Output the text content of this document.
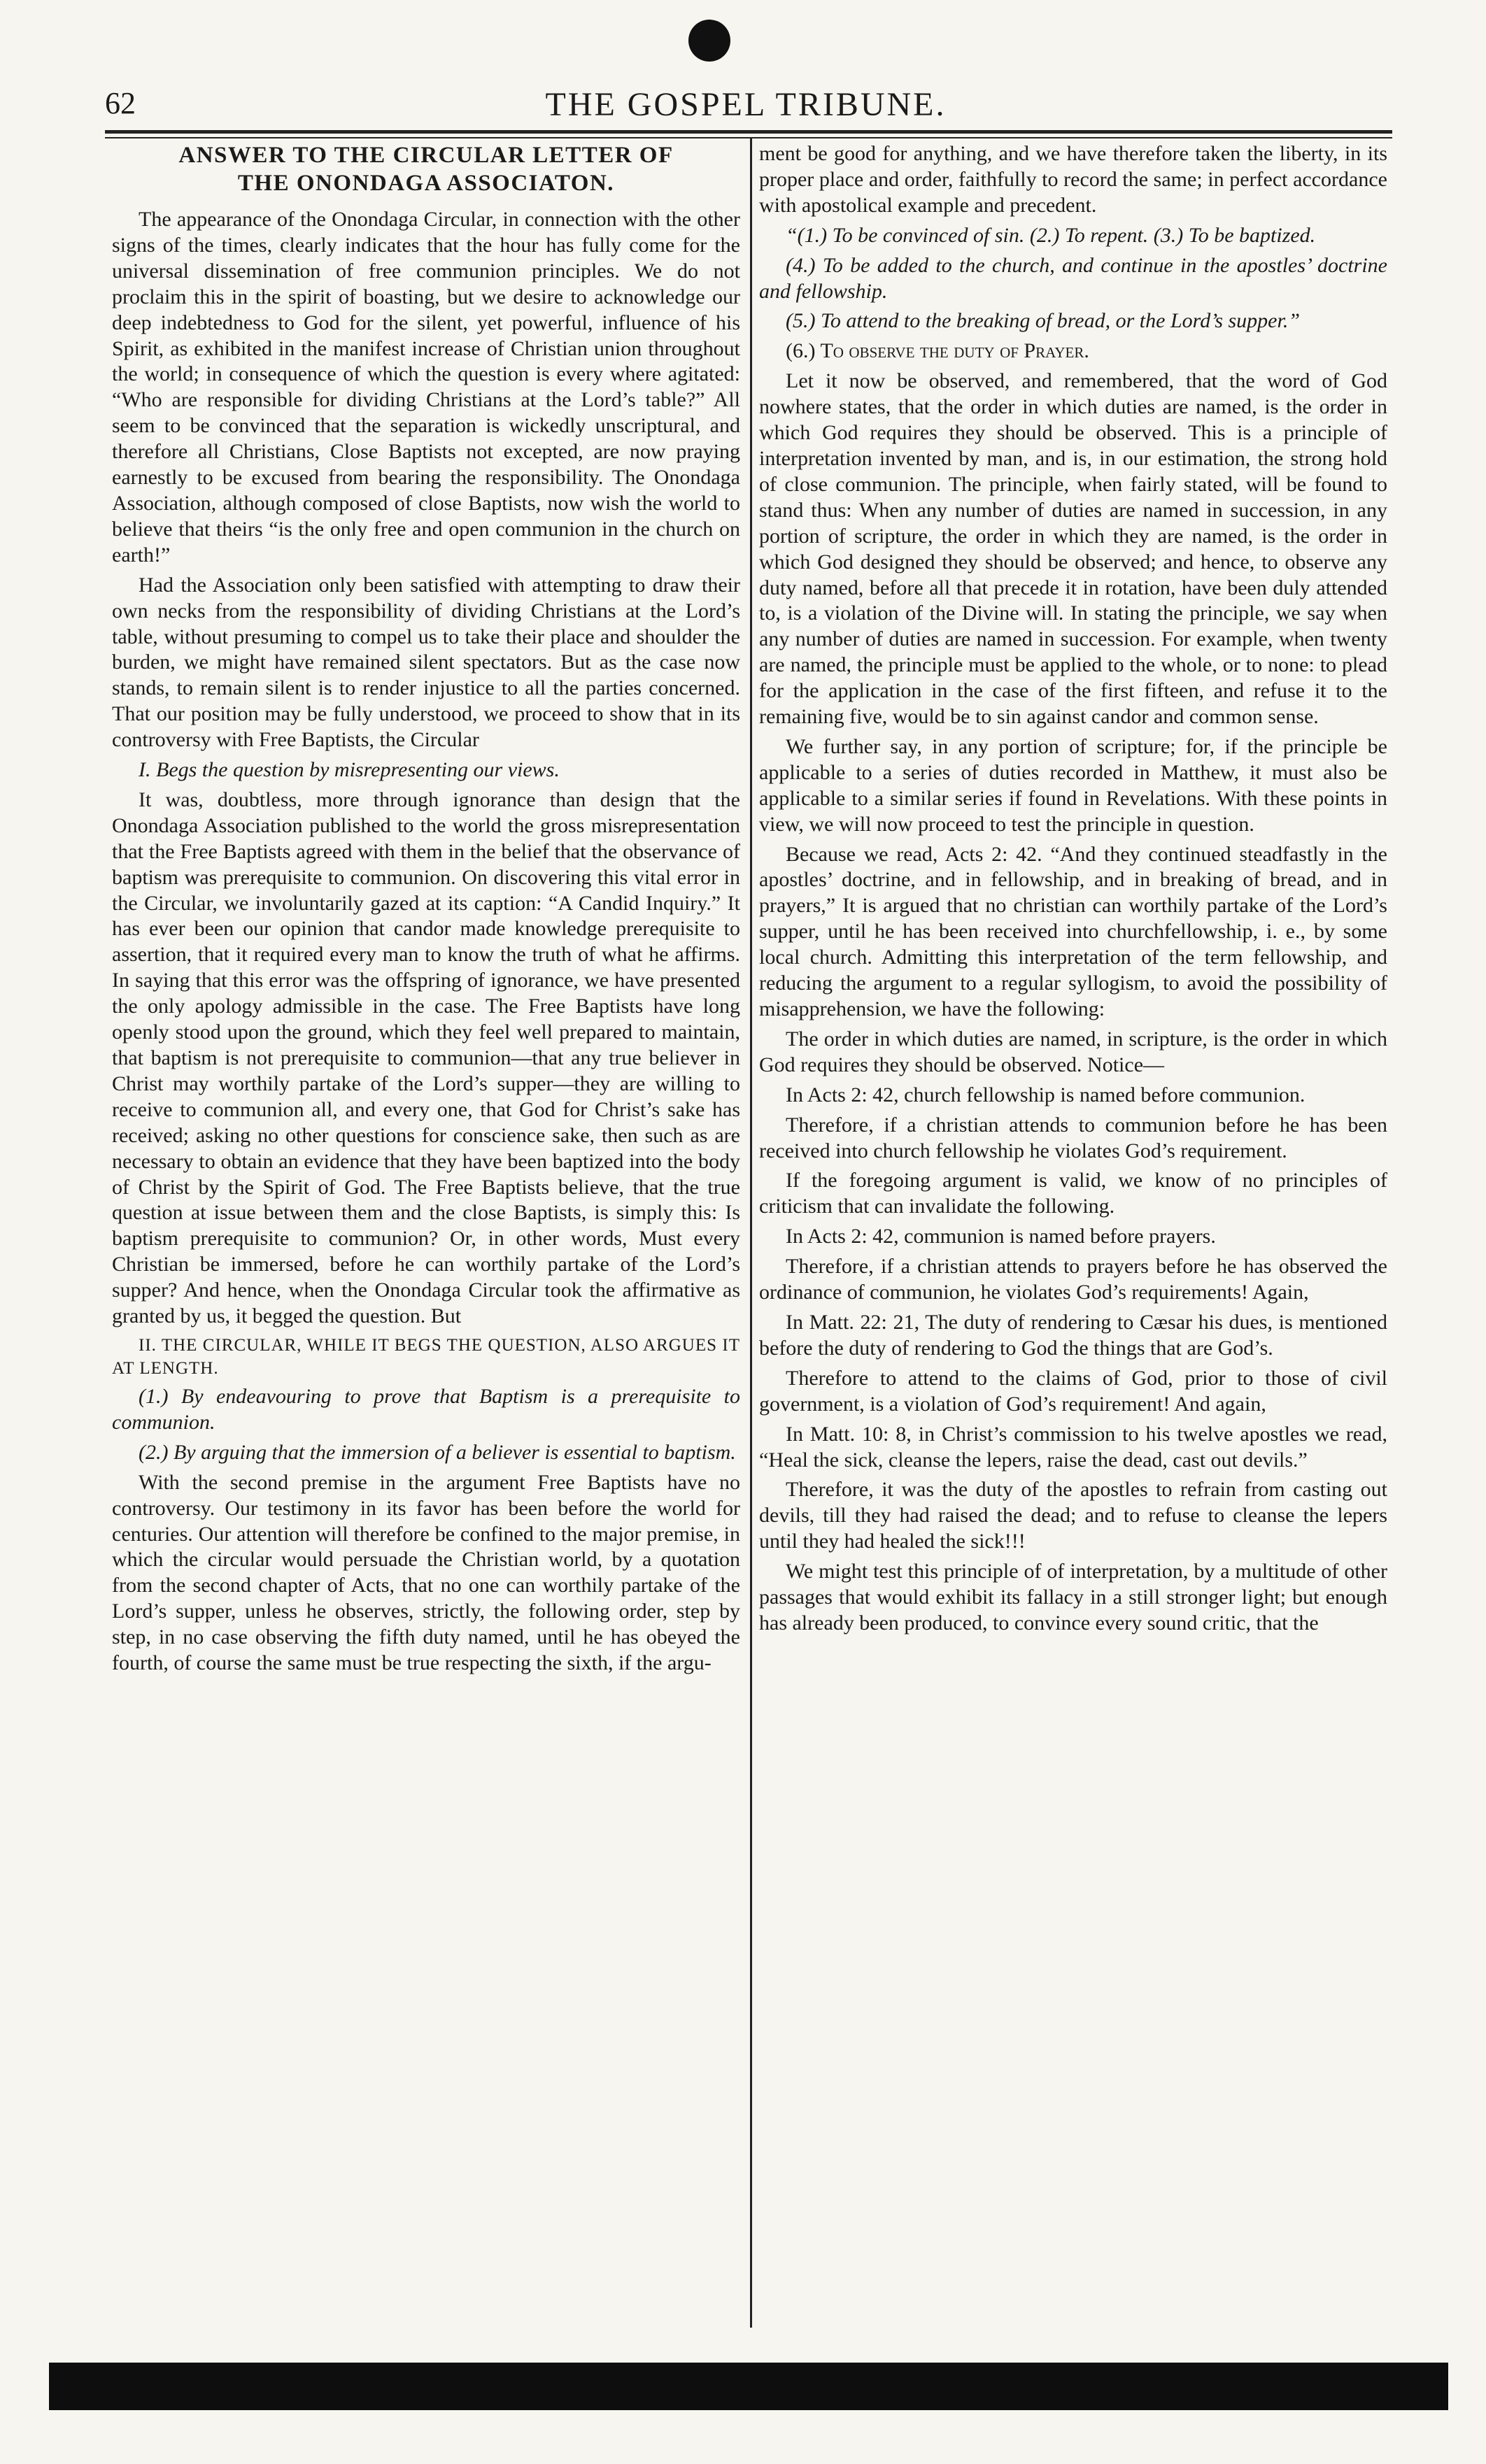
62	THE GOSPEL TRIBUNE.
ANSWER TO THE CIRCULAR LETTER OF
THE ONONDAGA ASSOCIATON.

The appearance of the Onondaga Circular, in connection with the other signs of the times, clearly indicates that the hour has fully come for the universal dissemination of free communion principles. We do not proclaim this in the spirit of boasting, but we desire to acknowledge our deep indebtedness to God for the silent, yet powerful, influence of his Spirit, as exhibited in the manifest increase of Christian union throughout the world; in consequence of which the question is every where agitated: “Who are responsible for dividing Christians at the Lord’s table?” All seem to be convinced that the separation is wickedly unscriptural, and therefore all Christians, Close Baptists not excepted, are now praying earnestly to be excused from bearing the responsibility. The Onondaga Association, although composed of close Baptists, now wish the world to believe that theirs “is the only free and open communion in the church on earth!”

Had the Association only been satisfied with attempting to draw their own necks from the responsibility of dividing Christians at the Lord’s table, without presuming to compel us to take their place and shoulder the burden, we might have remained silent spectators. But as the case now stands, to remain silent is to render injustice to all the parties concerned. That our position may be fully understood, we proceed to show that in its controversy with Free Baptists, the Circular

I. Begs the question by misrepresenting our views.

It was, doubtless, more through ignorance than design that the Onondaga Association published to the world the gross misrepresentation that the Free Baptists agreed with them in the belief that the observance of baptism was prerequisite to communion. On discovering this vital error in the Circular, we involuntarily gazed at its caption: “A Candid Inquiry.” It has ever been our opinion that candor made knowledge prerequisite to assertion, that it required every man to know the truth of what he affirms. In saying that this error was the offspring of ignorance, we have presented the only apology admissible in the case. The Free Baptists have long openly stood upon the ground, which they feel well prepared to maintain, that baptism is not prerequisite to communion—that any true believer in Christ may worthily partake of the Lord’s supper—they are willing to receive to communion all, and every one, that God for Christ’s sake has received; asking no other questions for conscience sake, then such as are necessary to obtain an evidence that they have been baptized into the body of Christ by the Spirit of God. The Free Baptists believe, that the true question at issue between them and the close Baptists, is simply this: Is baptism prerequisite to communion? Or, in other words, Must every Christian be immersed, before he can worthily partake of the Lord’s supper? And hence, when the Onondaga Circular took the affirmative as granted by us, it begged the question. But

II. THE CIRCULAR, WHILE IT BEGS THE QUESTION, ALSO ARGUES IT AT LENGTH.

(1.) By endeavouring to prove that Baptism is a prerequisite to communion.

(2.) By arguing that the immersion of a believer is essential to baptism.

With the second premise in the argument Free Baptists have no controversy. Our testimony in its favor has been before the world for centuries. Our attention will therefore be confined to the major premise, in which the circular would persuade the Christian world, by a quotation from the second chapter of Acts, that no one can worthily partake of the Lord’s supper, unless he observes, strictly, the following order, step by step, in no case observing the fifth duty named, until he has obeyed the fourth, of course the same must be true respecting the sixth, if the argu-

ment be good for anything, and we have therefore taken the liberty, in its proper place and order, faithfully to record the same; in perfect accordance with apostolical example and precedent.

“(1.) To be convinced of sin. (2.) To repent. (3.) To be baptized.

(4.) To be added to the church, and continue in the apostles’ doctrine and fellowship.

(5.) To attend to the breaking of bread, or the Lord’s supper.”

(6.) To observe the duty of Prayer.

Let it now be observed, and remembered, that the word of God nowhere states, that the order in which duties are named, is the order in which God requires they should be observed. This is a principle of interpretation invented by man, and is, in our estimation, the strong hold of close communion. The principle, when fairly stated, will be found to stand thus: When any number of duties are named in succession, in any portion of scripture, the order in which they are named, is the order in which God designed they should be observed; and hence, to observe any duty named, before all that precede it in rotation, have been duly attended to, is a violation of the Divine will. In stating the principle, we say when any number of duties are named in succession. For example, when twenty are named, the principle must be applied to the whole, or to none: to plead for the application in the case of the first fifteen, and refuse it to the remaining five, would be to sin against candor and common sense.

We further say, in any portion of scripture; for, if the principle be applicable to a series of duties recorded in Matthew, it must also be applicable to a similar series if found in Revelations. With these points in view, we will now proceed to test the principle in question.

Because we read, Acts 2: 42. “And they continued steadfastly in the apostles’ doctrine, and in fellowship, and in breaking of bread, and in prayers,” It is argued that no christian can worthily partake of the Lord’s supper, until he has been received into churchfellowship, i. e., by some local church. Admitting this interpretation of the term fellowship, and reducing the argument to a regular syllogism, to avoid the possibility of misapprehension, we have the following:

The order in which duties are named, in scripture, is the order in which God requires they should be observed. Notice—

In Acts 2: 42, church fellowship is named before communion.

Therefore, if a christian attends to communion before he has been received into church fellowship he violates God’s requirement.

If the foregoing argument is valid, we know of no principles of criticism that can invalidate the following.

In Acts 2: 42, communion is named before prayers.

Therefore, if a christian attends to prayers before he has observed the ordinance of communion, he violates God’s requirements! Again,

In Matt. 22: 21, The duty of rendering to Cæsar his dues, is mentioned before the duty of rendering to God the things that are God’s.

Therefore to attend to the claims of God, prior to those of civil government, is a violation of God’s requirement! And again,

In Matt. 10: 8, in Christ’s commission to his twelve apostles we read, “Heal the sick, cleanse the lepers, raise the dead, cast out devils.”

Therefore, it was the duty of the apostles to refrain from casting out devils, till they had raised the dead; and to refuse to cleanse the lepers until they had healed the sick!!!

We might test this principle of of interpretation, by a multitude of other passages that would exhibit its fallacy in a still stronger light; but enough has already been produced, to convince every sound critic, that the
